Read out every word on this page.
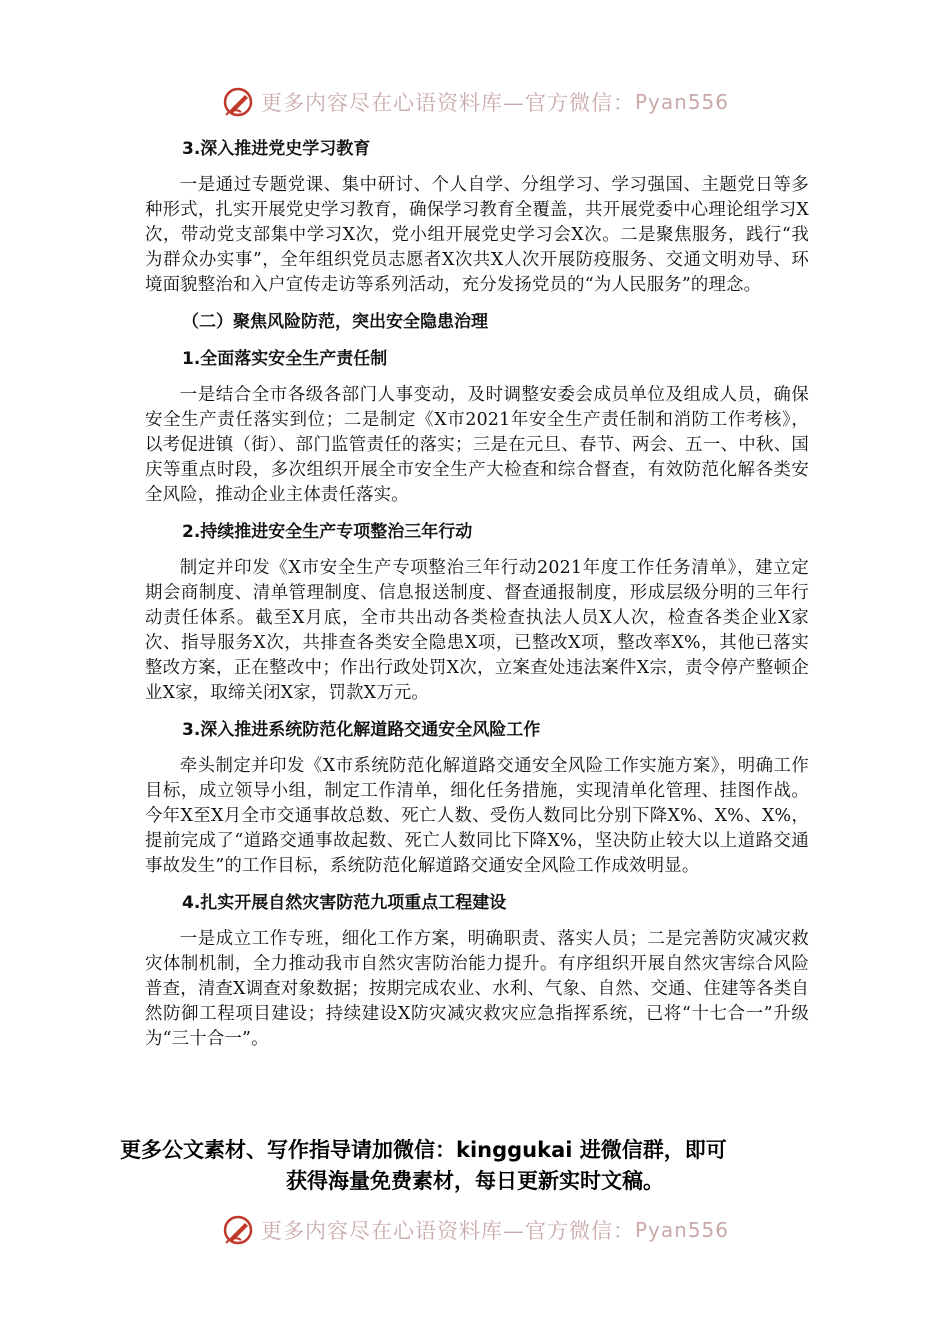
更多内容尽在心语资料库—官方微信： Pyan556

3.深入推进党史学习教育

一是通过专题党课、集中研讨、个人自学、分组学习、学习强国、主题党日等多种形式，扎实开展党史学习教育，确保学习教育全覆盖，共开展党委中心理论组学习X次，带动党支部集中学习X次，党小组开展党史学习会X次。二是聚焦服务，践行“我为群众办实事”，全年组织党员志愿者X次共X人次开展防疫服务、交通文明劝导、环境面貌整治和入户宣传走访等系列活动，充分发扬党员的“为人民服务”的理念。

（二）聚焦风险防范，突出安全隐患治理

1.全面落实安全生产责任制

一是结合全市各级各部门人事变动，及时调整安委会成员单位及组成人员，确保安全生产责任落实到位；二是制定《X市2021年安全生产责任制和消防工作考核》，以考促进镇（街）、部门监管责任的落实；三是在元旦、春节、两会、五一、中秋、国庆等重点时段，多次组织开展全市安全生产大检查和综合督查，有效防范化解各类安全风险，推动企业主体责任落实。

2.持续推进安全生产专项整治三年行动

制定并印发《X市安全生产专项整治三年行动2021年度工作任务清单》，建立定期会商制度、清单管理制度、信息报送制度、督查通报制度，形成层级分明的三年行动责任体系。截至X月底，全市共出动各类检查执法人员X人次，检查各类企业X家次、指导服务X次，共排查各类安全隐患X项，已整改X项，整改率X%，其他已落实整改方案，正在整改中；作出行政处罚X次，立案查处违法案件X宗，责令停产整顿企业X家，取缔关闭X家，罚款X万元。

3.深入推进系统防范化解道路交通安全风险工作

牵头制定并印发《X市系统防范化解道路交通安全风险工作实施方案》，明确工作目标，成立领导小组，制定工作清单，细化任务措施，实现清单化管理、挂图作战。今年X至X月全市交通事故总数、死亡人数、受伤人数同比分别下降X%、X%、X%，提前完成了“道路交通事故起数、死亡人数同比下降X%，坚决防止较大以上道路交通事故发生”的工作目标，系统防范化解道路交通安全风险工作成效明显。

4.扎实开展自然灾害防范九项重点工程建设

一是成立工作专班，细化工作方案，明确职责、落实人员；二是完善防灾减灾救灾体制机制，全力推动我市自然灾害防治能力提升。有序组织开展自然灾害综合风险普查，清查X调查对象数据；按期完成农业、水利、气象、自然、交通、住建等各类自然防御工程项目建设；持续建设X防灾减灾救灾应急指挥系统，已将“十七合一”升级为“三十合一”。

更多公文素材、写作指导请加微信：kinggukai 进微信群，即可
获得海量免费素材，每日更新实时文稿。
更多内容尽在心语资料库—官方微信： Pyan556
